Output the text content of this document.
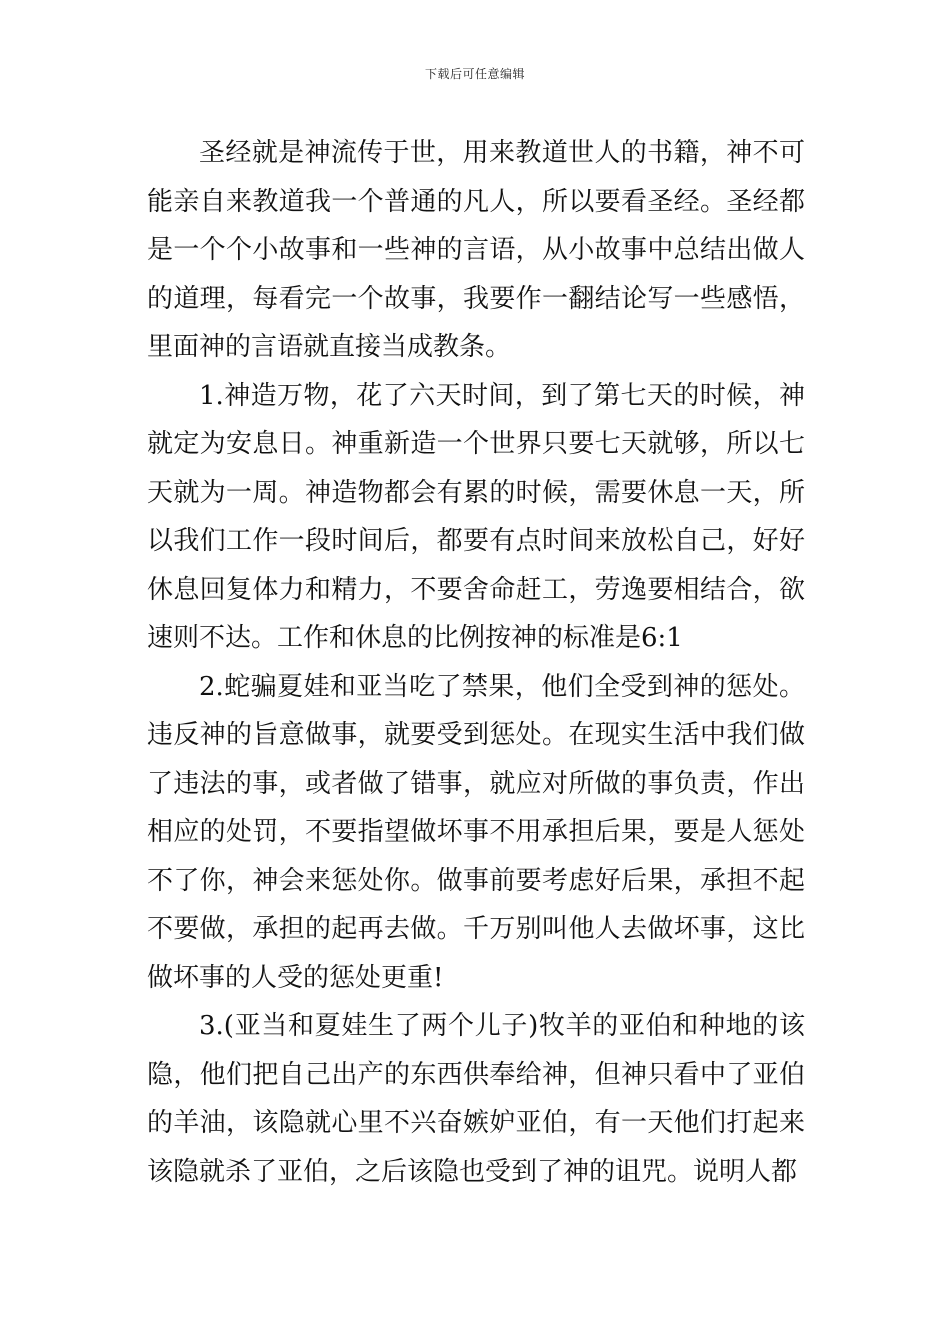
下载后可任意编辑

圣经就是神流传于世，用来教道世人的书籍，神不可能亲自来教道我一个普通的凡人，所以要看圣经。圣经都是一个个小故事和一些神的言语，从小故事中总结出做人的道理，每看完一个故事，我要作一翻结论写一些感悟，里面神的言语就直接当成教条。

1.神造万物，花了六天时间，到了第七天的时候，神就定为安息日。神重新造一个世界只要七天就够，所以七天就为一周。神造物都会有累的时候，需要休息一天，所以我们工作一段时间后，都要有点时间来放松自己，好好休息回复体力和精力，不要舍命赶工，劳逸要相结合，欲速则不达。工作和休息的比例按神的标准是6:1

2.蛇骗夏娃和亚当吃了禁果，他们全受到神的惩处。违反神的旨意做事，就要受到惩处。在现实生活中我们做了违法的事，或者做了错事，就应对所做的事负责，作出相应的处罚，不要指望做坏事不用承担后果，要是人惩处不了你，神会来惩处你。做事前要考虑好后果，承担不起不要做，承担的起再去做。千万别叫他人去做坏事，这比做坏事的人受的惩处更重!

3.(亚当和夏娃生了两个儿子)牧羊的亚伯和种地的该隐，他们把自己出产的东西供奉给神，但神只看中了亚伯的羊油，该隐就心里不兴奋嫉妒亚伯，有一天他们打起来该隐就杀了亚伯，之后该隐也受到了神的诅咒。说明人都
